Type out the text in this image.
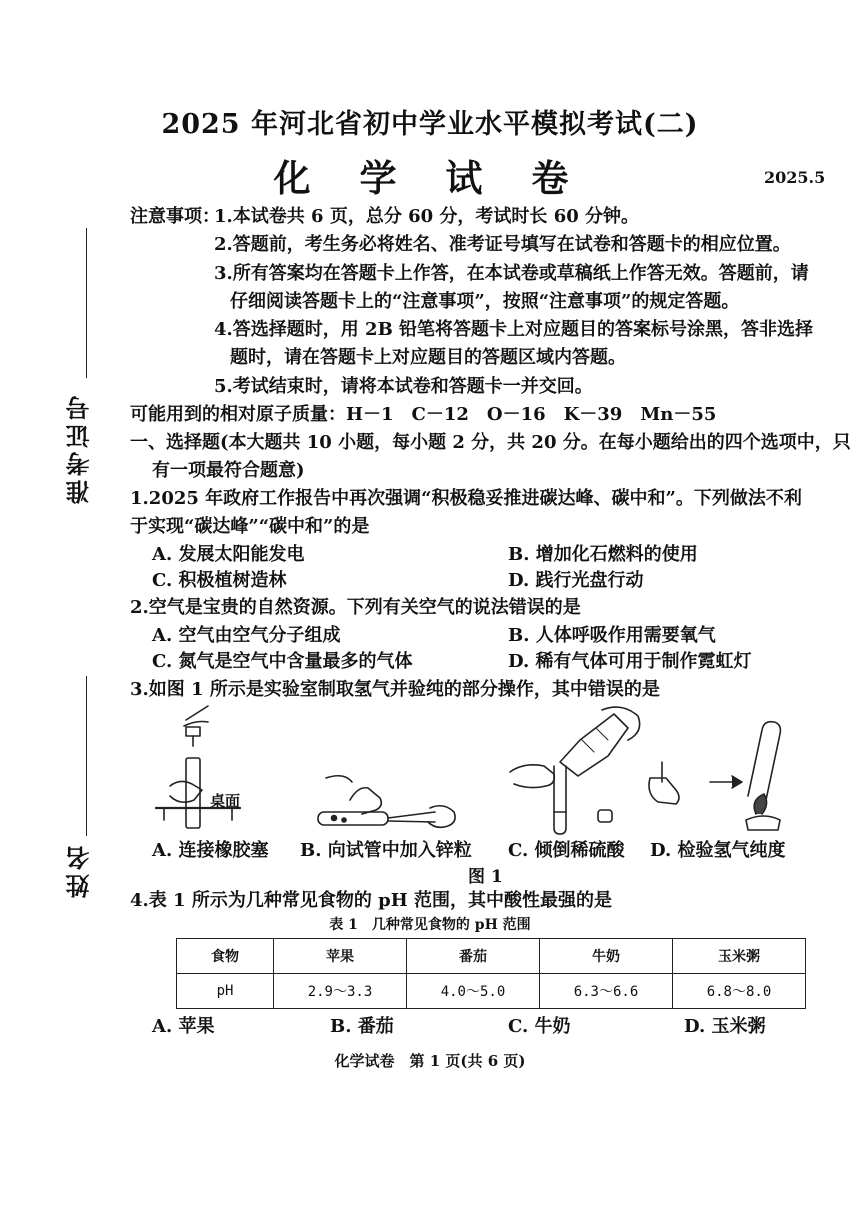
2025 年河北省初中学业水平模拟考试(二)
化 学 试 卷	2025.5
准考证号
姓名
注意事项：
1.本试卷共 6 页，总分 60 分，考试时长 60 分钟。
2.答题前，考生务必将姓名、准考证号填写在试卷和答题卡的相应位置。
3.所有答案均在答题卡上作答，在本试卷或草稿纸上作答无效。答题前，请
仔细阅读答题卡上的“注意事项”，按照“注意事项”的规定答题。
4.答选择题时，用 2B 铅笔将答题卡上对应题目的答案标号涂黑，答非选择
题时，请在答题卡上对应题目的答题区域内答题。
5.考试结束时，请将本试卷和答题卡一并交回。
可能用到的相对原子质量：H－1　C－12　O－16　K－39　Mn－55
一、选择题(本大题共 10 小题，每小题 2 分，共 20 分。在每小题给出的四个选项中，只
有一项最符合题意)
1.2025 年政府工作报告中再次强调“积极稳妥推进碳达峰、碳中和”。下列做法不利
于实现“碳达峰”“碳中和”的是
A. 发展太阳能发电	B. 增加化石燃料的使用
C. 积极植树造林	D. 践行光盘行动
2.空气是宝贵的自然资源。下列有关空气的说法错误的是
A. 空气由空气分子组成	B. 人体呼吸作用需要氧气
C. 氮气是空气中含量最多的气体	D. 稀有气体可用于制作霓虹灯
3.如图 1 所示是实验室制取氢气并验纯的部分操作，其中错误的是
桌面
A. 连接橡胶塞 B. 向试管中加入锌粒 C. 倾倒稀硫酸 D. 检验氢气纯度
图 1
4.表 1 所示为几种常见食物的 pH 范围，其中酸性最强的是
表 1　几种常见食物的 pH 范围
食物	苹果	番茄	牛奶	玉米粥
pH	2.9～3.3	4.0～5.0	6.3～6.6	6.8～8.0
A. 苹果	B. 番茄	C. 牛奶	D. 玉米粥
化学试卷　第 1 页(共 6 页)
